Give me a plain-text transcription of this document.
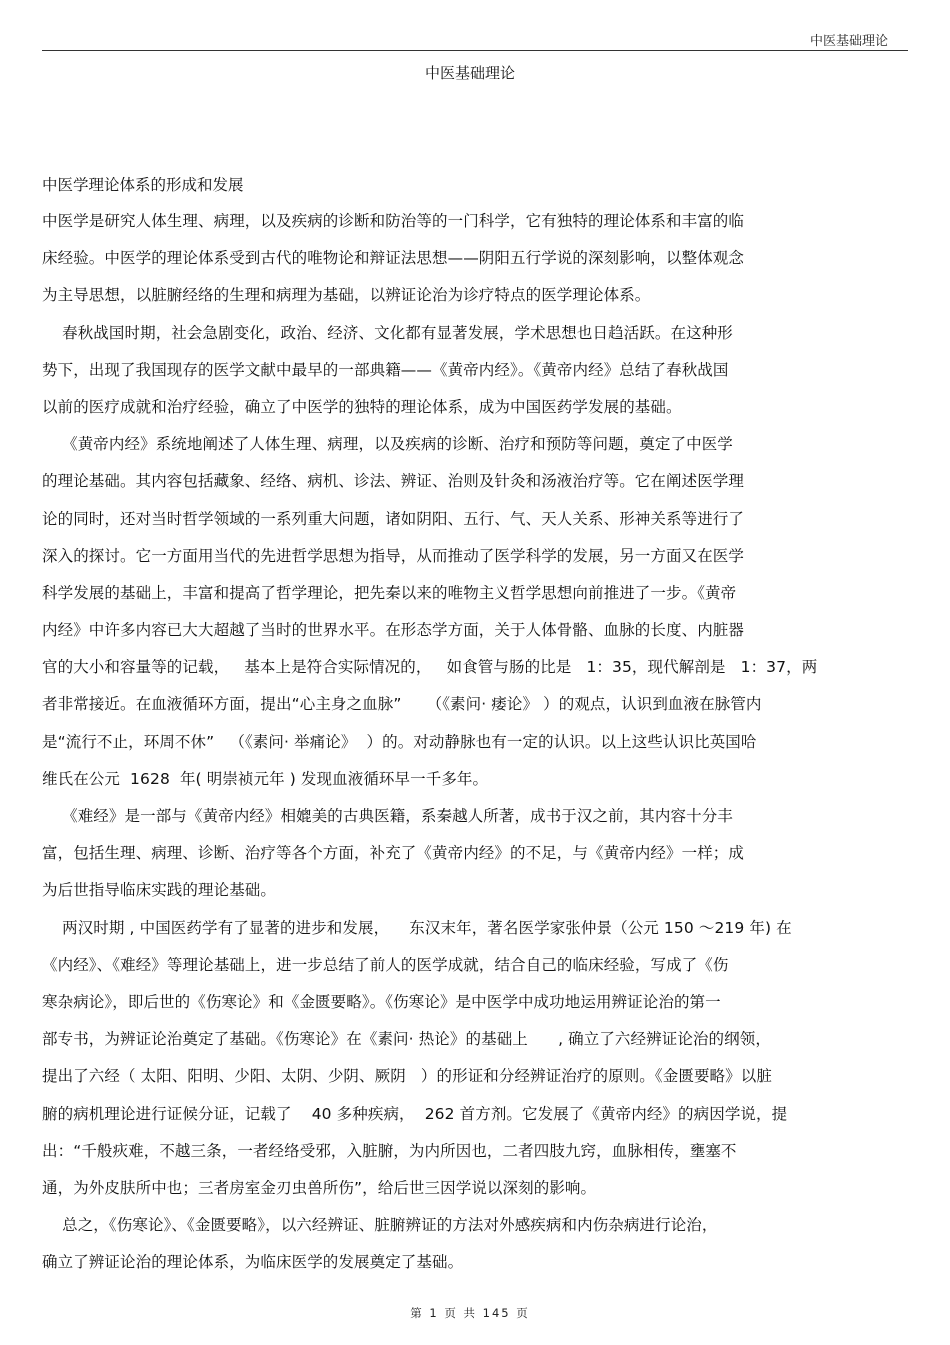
中医基础理论
中医基础理论
中医学理论体系的形成和发展
中医学是研究人体生理、病理，以及疾病的诊断和防治等的一门科学，它有独特的理论体系和丰富的临
床经验。中医学的理论体系受到古代的唯物论和辩证法思想——阴阳五行学说的深刻影响，以整体观念
为主导思想，以脏腑经络的生理和病理为基础，以辨证论治为诊疗特点的医学理论体系。
春秋战国时期，社会急剧变化，政治、经济、文化都有显著发展，学术思想也日趋活跃。在这种形
势下，出现了我国现存的医学文献中最早的一部典籍——《黄帝内经》。《黄帝内经》总结了春秋战国
以前的医疗成就和治疗经验，确立了中医学的独特的理论体系，成为中国医药学发展的基础。
《黄帝内经》系统地阐述了人体生理、病理，以及疾病的诊断、治疗和预防等问题，奠定了中医学
的理论基础。其内容包括藏象、经络、病机、诊法、辨证、治则及针灸和汤液治疗等。它在阐述医学理
论的同时，还对当时哲学领域的一系列重大问题，诸如阴阳、五行、气、天人关系、形神关系等进行了
深入的探讨。它一方面用当代的先进哲学思想为指导，从而推动了医学科学的发展，另一方面又在医学
科学发展的基础上，丰富和提高了哲学理论，把先秦以来的唯物主义哲学思想向前推进了一步。《黄帝
内经》中许多内容已大大超越了当时的世界水平。在形态学方面，关于人体骨骼、血脉的长度、内脏器
官的大小和容量等的记载，   基本上是符合实际情况的，   如食管与肠的比是   1：35，现代解剖是   1：37，两
者非常接近。在血液循环方面，提出“心主身之血脉”     （《素问· 痿论》 ）的观点，认识到血液在脉管内
是“流行不止，环周不休”   （《素问· 举痛论》  ）的。对动静脉也有一定的认识。以上这些认识比英国哈
维氏在公元  1628  年( 明崇祯元年 ) 发现血液循环早一千多年。
《难经》是一部与《黄帝内经》相媲美的古典医籍，系秦越人所著，成书于汉之前，其内容十分丰
富，包括生理、病理、诊断、治疗等各个方面，补充了《黄帝内经》的不足，与《黄帝内经》一样；成
为后世指导临床实践的理论基础。
两汉时期 , 中国医药学有了显著的进步和发展，    东汉末年，著名医学家张仲景（公元 150 ～219 年) 在
《内经》、《难经》等理论基础上，进一步总结了前人的医学成就，结合自己的临床经验，写成了《伤
寒杂病论》，即后世的《伤寒论》和《金匮要略》。《伤寒论》是中医学中成功地运用辨证论治的第一
部专书，为辨证论治奠定了基础。《伤寒论》在《素问· 热论》的基础上      , 确立了六经辨证论治的纲领，
提出了六经（ 太阳、阳明、少阳、太阴、少阴、厥阴   ）的形证和分经辨证治疗的原则。《金匮要略》以脏
腑的病机理论进行证候分证，记载了    40 多种疾病，  262 首方剂。它发展了《黄帝内经》的病因学说，提
出：“千般疢难，不越三条，一者经络受邪，入脏腑，为内所因也，二者四肢九窍，血脉相传，壅塞不
通，为外皮肤所中也；三者房室金刃虫兽所伤”，给后世三因学说以深刻的影响。
总之，《伤寒论》、《金匮要略》，以六经辨证、脏腑辨证的方法对外感疾病和内伤杂病进行论治，
确立了辨证论治的理论体系，为临床医学的发展奠定了基础。
第 1 页 共 145 页
